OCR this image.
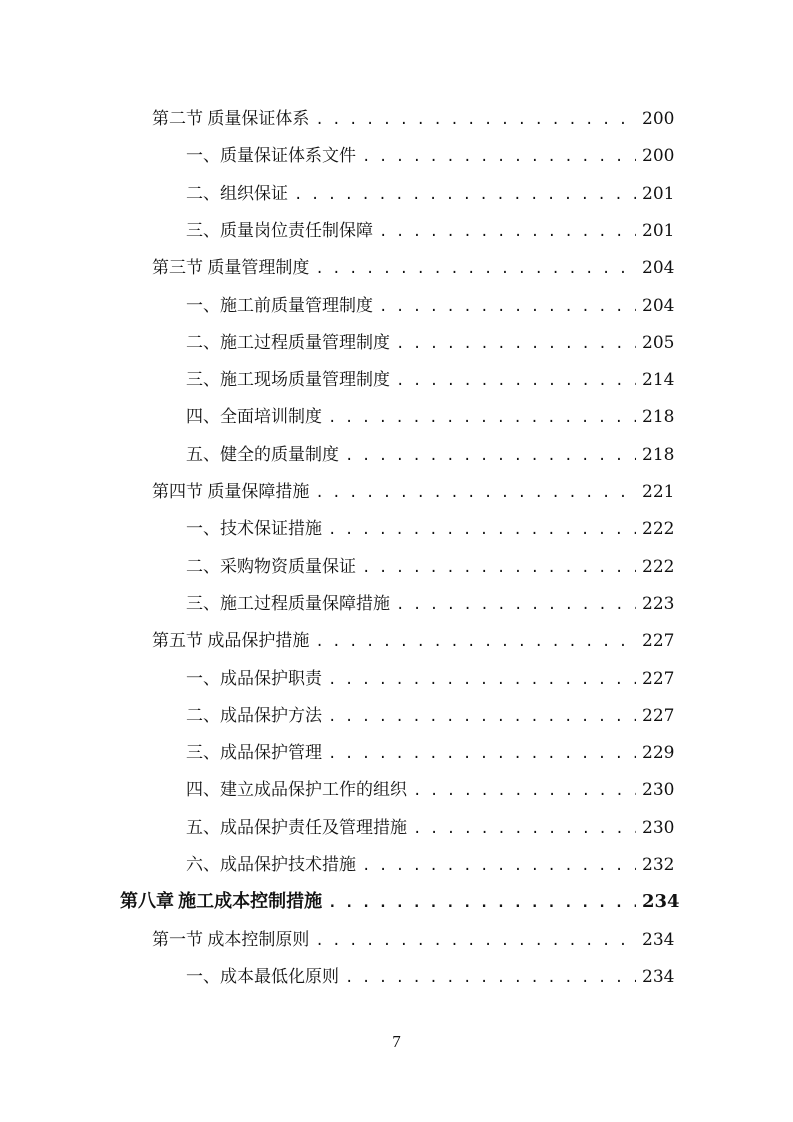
第二节 质量保证体系 . . .	200
一、 质量保证体系文件 . . .	200
二、 组织保证 . . .	201
三、 质量岗位责任制保障 . . .	201
第三节 质量管理制度 . . .	204
一、 施工前质量管理制度 . . .	204
二、 施工过程质量管理制度 . . .	205
三、 施工现场质量管理制度 . . .	214
四、 全面培训制度 . . .	218
五、 健全的质量制度 . . .	218
第四节 质量保障措施 . . .	221
一、 技术保证措施 . . .	222
二、 采购物资质量保证 . . .	222
三、 施工过程质量保障措施 . . .	223
第五节 成品保护措施 . . .	227
一、 成品保护职责 . . .	227
二、 成品保护方法 . . .	227
三、 成品保护管理 . . .	229
四、 建立成品保护工作的组织 . . .	230
五、 成品保护责任及管理措施 . . .	230
六、 成品保护技术措施 . . .	232
第八章 施工成本控制措施 . . .	234
第一节 成本控制原则 . . .	234
一、 成本最低化原则 . . .	234
7
